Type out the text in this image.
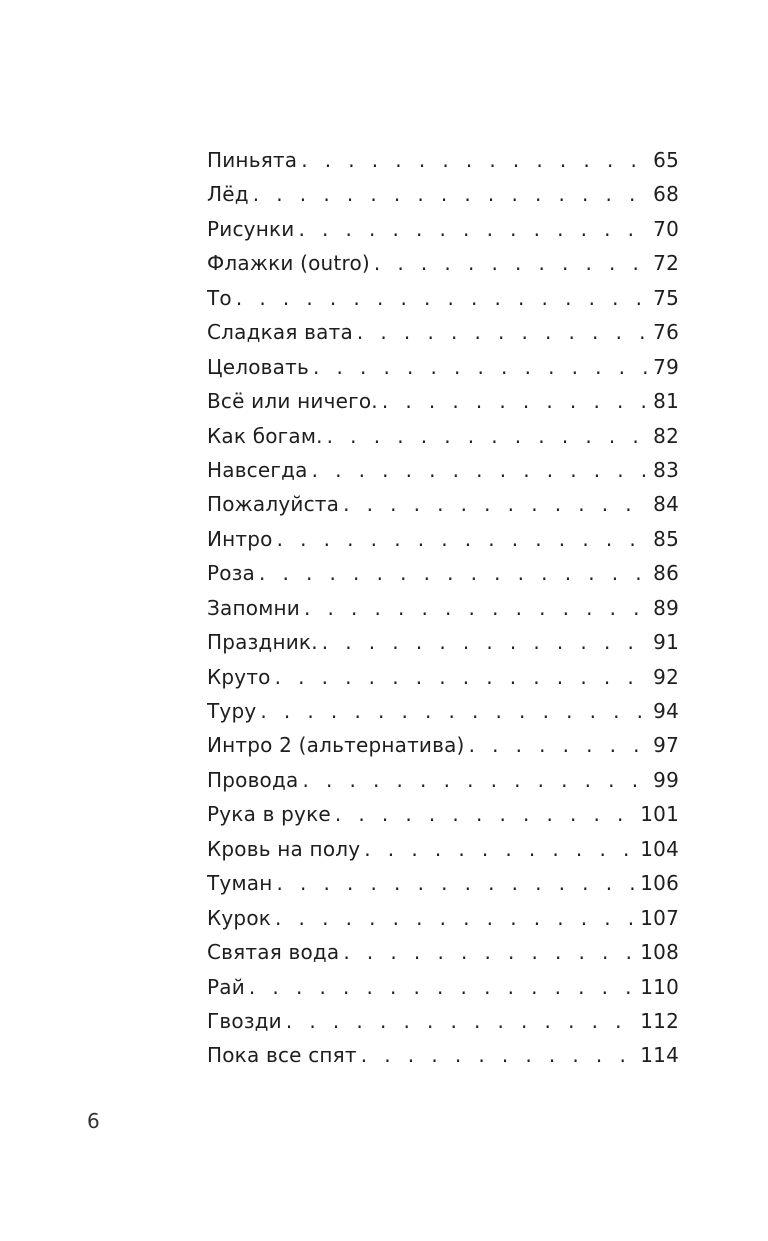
Пиньята . . .	65
Лёд . . .	68
Рисунки . . .	70
Флажки (outro) . . .	72
То . . .	75
Сладкая вата . . .	76
Целовать . . .	79
Всё или ничего. . . .	81
Как богам. . . .	82
Навсегда . . .	83
Пожалуйста . . .	84
Интро . . .	85
Роза . . .	86
Запомни . . .	89
Праздник. . . .	91
Круто . . .	92
Туру . . .	94
Интро 2 (альтернатива) . . .	97
Провода . . .	99
Рука в руке . . .	101
Кровь на полу . . .	104
Туман . . .	106
Курок . . .	107
Святая вода . . .	108
Рай . . .	110
Гвозди . . .	112
Пока все спят . . .	114
6
